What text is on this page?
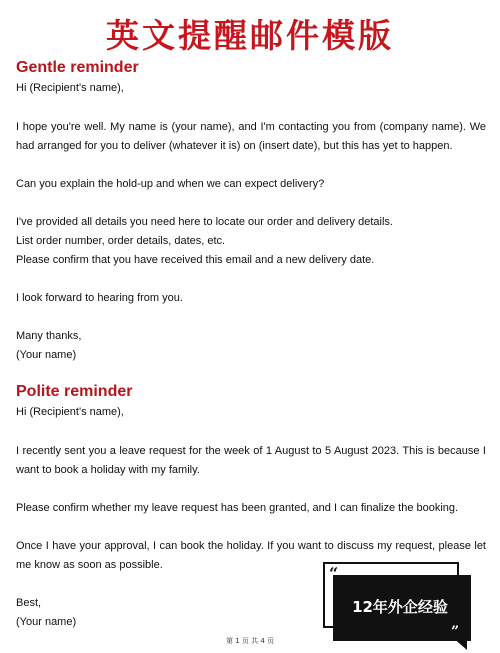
英文提醒邮件模版
Gentle reminder
Hi (Recipient's name),
I hope you're well. My name is (your name), and I'm contacting you from (company name). We
had arranged for you to deliver (whatever it is) on (insert date), but this has yet to happen.
Can you explain the hold-up and when we can expect delivery?
I've provided all details you need here to locate our order and delivery details.
List order number, order details, dates, etc.
Please confirm that you have received this email and a new delivery date.
I look forward to hearing from you.
Many thanks,
(Your name)
Polite reminder
Hi (Recipient's name),
I recently sent you a leave request for the week of 1 August to 5 August 2023. This is because I
want to book a holiday with my family.
Please confirm whether my leave request has been granted, and I can finalize the booking.
Once I have your approval, I can book the holiday. If you want to discuss my request, please let
me know as soon as possible.
Best,
(Your name)
第 1 页 共 4 页
“
”
12年外企经验
